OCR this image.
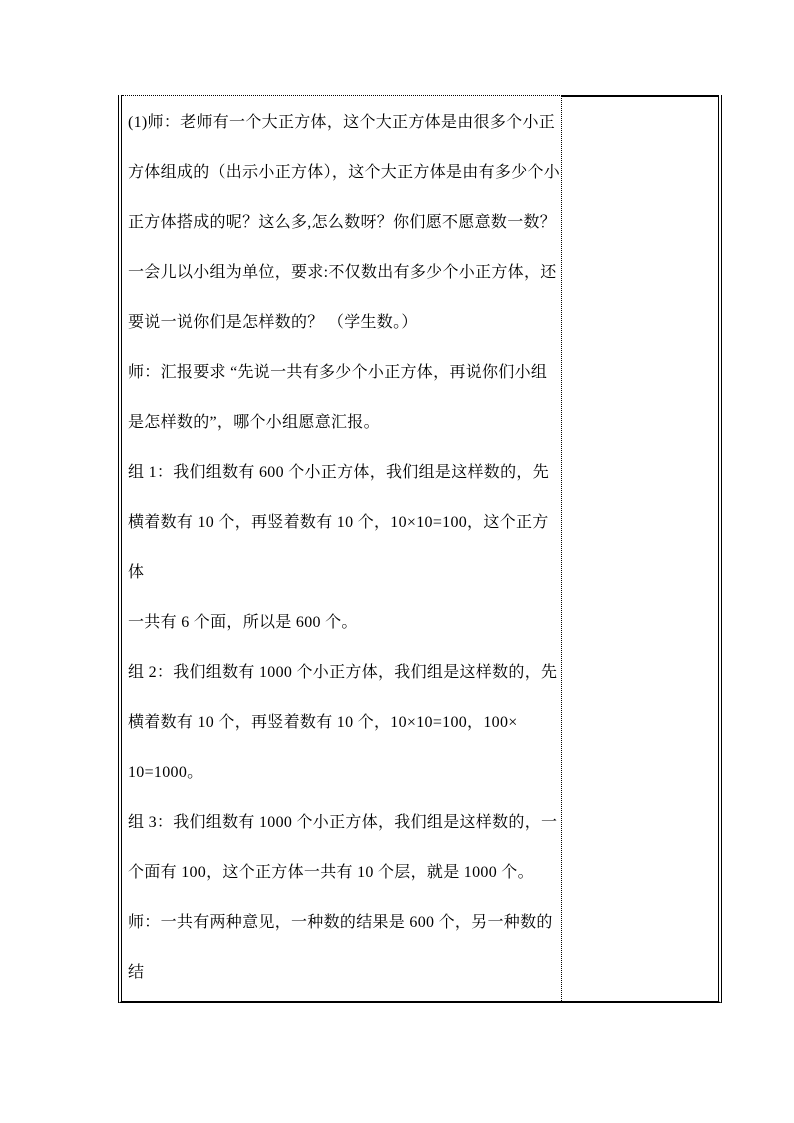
(1)师：老师有一个大正方体，这个大正方体是由很多个小正
方体组成的（出示小正方体），这个大正方体是由有多少个小
正方体搭成的呢？这么多,怎么数呀？你们愿不愿意数一数？
一会儿以小组为单位，要求:不仅数出有多少个小正方体，还
要说一说你们是怎样数的？ （学生数。）
师：汇报要求 “先说一共有多少个小正方体，再说你们小组
是怎样数的”，哪个小组愿意汇报。
组 1：我们组数有 600 个小正方体，我们组是这样数的，先
横着数有 10 个，再竖着数有 10 个，10×10=100，这个正方
体
一共有 6 个面，所以是 600 个。
组 2：我们组数有 1000 个小正方体，我们组是这样数的，先
横着数有 10 个，再竖着数有 10 个，10×10=100，100×
10=1000。
组 3：我们组数有 1000 个小正方体，我们组是这样数的，一
个面有 100，这个正方体一共有 10 个层，就是 1000 个。
师：一共有两种意见，一种数的结果是 600 个，另一种数的
结
